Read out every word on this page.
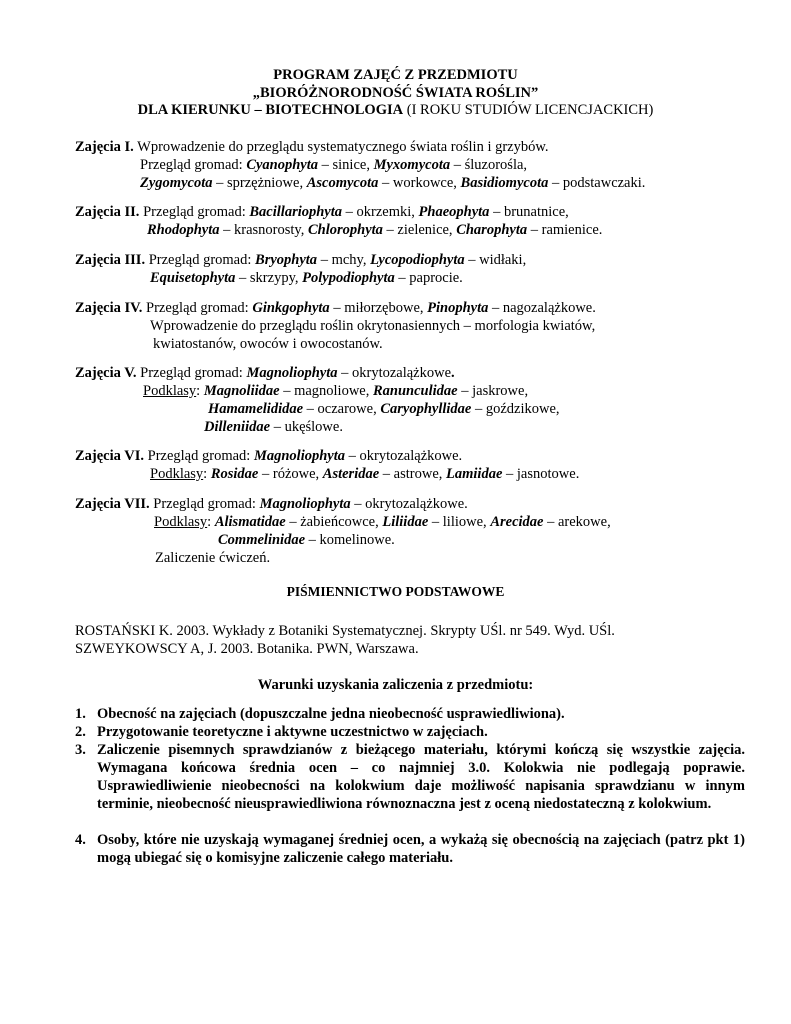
PROGRAM ZAJĘĆ Z PRZEDMIOTU
„BIORÓŻNORODNOŚĆ ŚWIATA ROŚLIN”
DLA KIERUNKU – BIOTECHNOLOGIA (I ROKU STUDIÓW LICENCJACKICH)
Zajęcia I. Wprowadzenie do przeglądu systematycznego świata roślin i grzybów.
Przegląd gromad: Cyanophyta – sinice, Myxomycota – śluzorośla,
Zygomycota – sprzężniowe, Ascomycota – workowce, Basidiomycota – podstawczaki.
Zajęcia II. Przegląd gromad: Bacillariophyta – okrzemki, Phaeophyta – brunatnice,
Rhodophyta – krasnorosty, Chlorophyta – zielenice, Charophyta – ramienice.
Zajęcia III. Przegląd gromad: Bryophyta – mchy, Lycopodiophyta – widłaki,
Equisetophyta – skrzypy, Polypodiophyta – paprocie.
Zajęcia IV. Przegląd gromad: Ginkgophyta – miłorzębowe, Pinophyta – nagozalążkowe.
Wprowadzenie do przeglądu roślin okrytonasiennych – morfologia kwiatów,
kwiatostanów, owoców i owocostanów.
Zajęcia V. Przegląd gromad: Magnoliophyta – okrytozalążkowe.
Podklasy: Magnoliidae – magnoliowe, Ranunculidae – jaskrowe,
Hamamelididae – oczarowe, Caryophyllidae – goździkowe,
Dilleniidae – ukęślowe.
Zajęcia VI. Przegląd gromad: Magnoliophyta – okrytozalążkowe.
Podklasy: Rosidae – różowe, Asteridae – astrowe, Lamiidae – jasnotowe.
Zajęcia VII. Przegląd gromad: Magnoliophyta – okrytozalążkowe.
Podklasy: Alismatidae – żabieńcowce, Liliidae – liliowe, Arecidae – arekowe,
Commelinidae – komelinowe.
Zaliczenie ćwiczeń.
PIŚMIENNICTWO PODSTAWOWE
ROSTAŃSKI K. 2003. Wykłady z Botaniki Systematycznej. Skrypty UŚl. nr 549. Wyd. UŚl.
SZWEYKOWSCY A, J. 2003. Botanika. PWN, Warszawa.
Warunki uzyskania zaliczenia z przedmiotu:
1. Obecność na zajęciach (dopuszczalne jedna nieobecność usprawiedliwiona).
2. Przygotowanie teoretyczne i aktywne uczestnictwo w zajęciach.
3. Zaliczenie pisemnych sprawdzianów z bieżącego materiału, którymi kończą się wszystkie zajęcia. Wymagana końcowa średnia ocen – co najmniej 3.0. Kolokwia nie podlegają poprawie. Usprawiedliwienie nieobecności na kolokwium daje możliwość napisania sprawdzianu w innym terminie, nieobecność nieusprawiedliwiona równoznaczna jest z oceną niedostateczną z kolokwium.
4. Osoby, które nie uzyskają wymaganej średniej ocen, a wykażą się obecnością na zajęciach (patrz pkt 1) mogą ubiegać się o komisyjne zaliczenie całego materiału.
